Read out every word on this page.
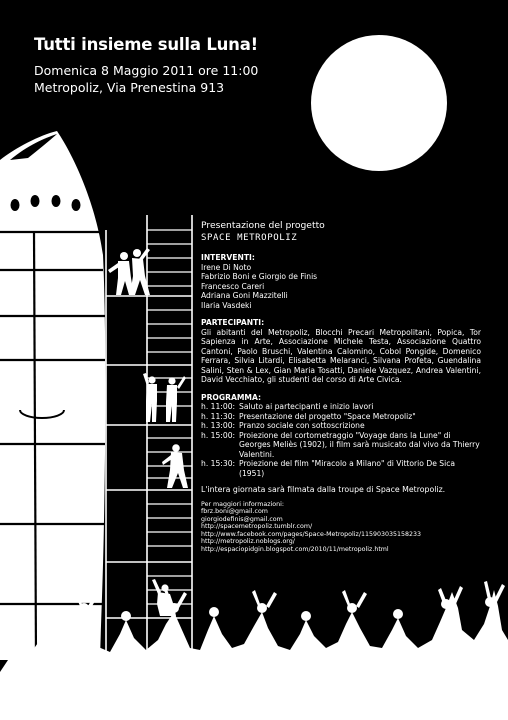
Tutti insieme sulla Luna!
Domenica 8 Maggio 2011 ore 11:00
Metropoliz, Via Prenestina 913
Presentazione del progetto
SPACE METROPOLIZ
INTERVENTI:
Irene Di Noto
Fabrizio Boni e Giorgio de Finis
Francesco Careri
Adriana Goni Mazzitelli
Ilaria Vasdeki
PARTECIPANTI:
Gli abitanti del Metropoliz, Blocchi Precari Metropolitani, Popica, Tor Sapienza in Arte, Associazione Michele Testa, Associazione Quattro Cantoni, Paolo Bruschi, Valentina Calomino, Cobol Pongide, Domenico Ferrara, Silvia Litardi, Elisabetta Melaranci, Silvana Profeta, Guendalina Salini, Sten & Lex, Gian Maria Tosatti, Daniele Vazquez, Andrea Valentini, David Vecchiato, gli studenti del corso di Arte Civica.
PROGRAMMA:
h. 11:00: Saluto ai partecipanti e inizio lavori
h. 11:30: Presentazione del progetto "Space Metropoliz"
h. 13:00: Pranzo sociale con sottoscrizione
h. 15:00: Proiezione del cortometraggio "Voyage dans la Lune" di Georges Meliès (1902), il film sarà musicato dal vivo da Thierry Valentini.
h. 15:30: Proiezione del film "Miracolo a Milano" di Vittorio De Sica (1951)
L'intera giornata sarà filmata dalla troupe di Space Metropoliz.
Per maggiori informazioni:
fbrz.boni@gmail.com
giorgiodefinis@gmail.com
http://spacemetropoliz.tumblr.com/
http://www.facebook.com/pages/Space-Metropoliz/115903035158233
http://metropoliz.noblogs.org/
http://espaciopidgin.blogspot.com/2010/11/metropoliz.html
